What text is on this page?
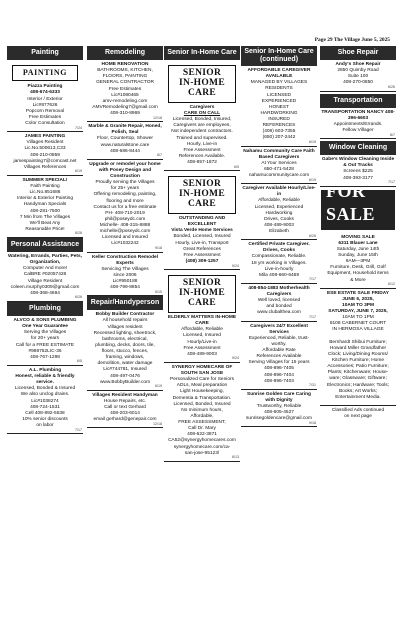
Page 29 The Village June 5, 2025
Painting
PAINTING
Piazza Painting
408-674-6333
Interior / Exterior
Lic#877626
Popcorn Removal
Free Estimates
Color Consultation
7/24
JAMES PAINTING
Villages Resident
Lic.No.500613,C33
408-210-0859
jamespainting7@comcast.net
Villages References
6/19
SUMMER SPECIAL!
Faith Painting
Lic.No.851686
Interior & Exterior Painting
Handyman Specials
408-281-7500
7 Min from The Villages
We'll Beat Any
Reasonable Price!
8/28
Personal Assistance
Watering, Errands, Parties, Pets, Organization,
Computer And more!
CalBRE #02057428
Village Resident
coleen.murphy0309@gmail.com
408-368-4694
6/26
Plumbing
ALVCO & SONS PLUMBING
One Year Guarantee
Serving the Villages
for 20+ years
Call for a FREE ESTIMATE
#988752LIC-36
408-767-1298
6/5
A.L. Plumbing
Honest, reliable & friendly service.
Licensed, Bonded & Insured
We also unclog drains.
Lic#1038274
408-724-1531
Cell 408-892-5538
10% senior discounts
on labor
7/17
Remodeling
HOME RENOVATION
BATHROOMS, KITCHEN,
FLOORS, PAINTING
GENERAL CONTRACTOR
Free Estimates
Lic#1080465
amv-remodeling.com
AMVRemodeling7@gmail.com
408-310-8969
12/18
Marble & Granite Repair, Honed, Polish, Seal
Floor, Countertop, Shower
www.naturalstone.care
408-686-8444
8/7
Upgrade or remodel your home with Posey Design and Construction
Proudly serving the Villages
for 25+ years
Offering remodeling, painting,
flooring and more
Contact us for a free estimate
PH- 408-710-2019
phil@poseydc.com
Michelle- 408-315-8888
michelle@poseydc.com
Licensed and Insured
Lic#1032242
9/18
Keller Construction Remodel Experts
Servicing The Villages
since 2006
Lic#950188
408-799-8854
5/15
Repair/Handyperson
Bobby Builder Contractor
All household repairs
Villages resident
Recessed lighting, sheetrock,
bathrooms, electrical,
plumbing, decks, doors, tile,
floors, stucco, fences,
framing, windows,
demolition, water damage
Lic#744781, Insured
408-497-0476
www.BobbyBuilder.com
6/19
Villages Resident Handyman
House Repairs, etc.
Call or text Gerhard
408-203-6014
email gerhard@genepair.com
12/18
Senior In-Home Care
SENIOR
IN-HOME CARE
Caregivers
CARE ON CALL
Licensed, Bonded, Insured,
Caregivers are employees,
Not independent contractors.
Trained and supervised.
Hourly, Live-in
Free Assessment
References Available.
408-857-1872
6/5
SENIOR
IN-HOME CARE
OUTSTANDING AND EXCELLENT
Vista Verde Home Services
Bonded, Licensed, Insured
Hourly, Live-in, Transport
Great References
Free Assessment
(408) 309-1257
9/24
SENIOR
IN-HOME CARE
ELDERLY MATTERS IN-HOME CARE
Affordable, Reliable
Licensed, Insured
Hourly/Live-in
Free Assessment
408-489-9003
9/24
SYNERGY HOMECARE OF SOUTH SAN JOSE
Personalized Care for Seniors
ADLs, Meal preparation
Light Housekeeping,
Dementia & Transportation.
Licensed, Bonded, Insured
No minimum hours,
Affordable,
FREE ASSESSMENT,
Call Dr. Mary
408-622-3871
CA52@synergyhomecares.com
synergyhomecare.com/ca-
san-jose-95123/
8/13
Senior In-Home Care (continued)
AFFORDABLE CAREGIVER AVAILABLE
MANAGED BY VILLAGES
RESIDENTS
LICENSED
EXPERIENCED
HONEST
HARDWORKING
INSURED
REFERENCES
(408) 603-7355
(650) 207-2442
6/19
Nahamu Community Care Faith Based Caregivers
At Your Services
650-471-5428
nahamucommunitycare.com
6/19
Caregiver Available Hourly/Live-in
Affordable, Reliable
Licensed, Experienced
Hardworking
Drives, Cooks
408-489-9003
Elizabeth
6/26
Certified Private Caregiver. Drives, Cooks
Compassionate, Reliable.
18 yrs working in Villages.
Live-in-hourly
Mila 408-660-6469
7/17
408-854-1883 Motherhealth Caregivers
Well loved, licensed
and bonded
www.clubalthea.com
7/17
Caregivers 24/7 Excellent Services
Experienced, Reliable, trust-
worthy.
Affordable Rate
References Available
Serving Villages for 15 years
408-896-7405
408-896-7404
408-896-7403
7/31
Sunrise Golden Care Caring with Dignity
Trustworthy, Reliable
408-605-4527
sunrisegoldencare@gmail.com
9/18
Shoe Repair
Andy's Shoe Repair
2850 Quimby Road
Suite 100
408-270-0850
6/26
Transportation
TRANSPORTATION NANCY 408-396-6603
Appointments/Errands.
Fellow Villager
8/7
Window Cleaning
Gabe's Window Cleaning Inside & Out Tracks
Screens $225
408-393-3177
7/17
FOR SALE
MOVING SALE
6311 Blauer Lane
Saturday, June 14th
Sunday, June 15th
9AM—3PM
Furniture, Desk, Grill, Golf
Equipment, Household items
& More
6/12
ESE ESTATE SALE FRIDAY JUNE 6, 2025,
10AM TO 3PM
SATURDAY, JUNE 7, 2025,
10AM TO 1PM
8108 CABERNET COURT
IN HERMOSA VILLAGE

Bernhardt Shibui Furniture;
Howard Miller Grandfather
Clock; Living/Dining Rooms/
Kitchen Furniture; Home
Accessories; Patio Furniture;
Plants; Kitchenware; House-
ware; Glassware; Giftware;
Electronics; Hardware; Tools;
Books; Art Works;
Entertainment Media.
Classified Ads continued
on next page
